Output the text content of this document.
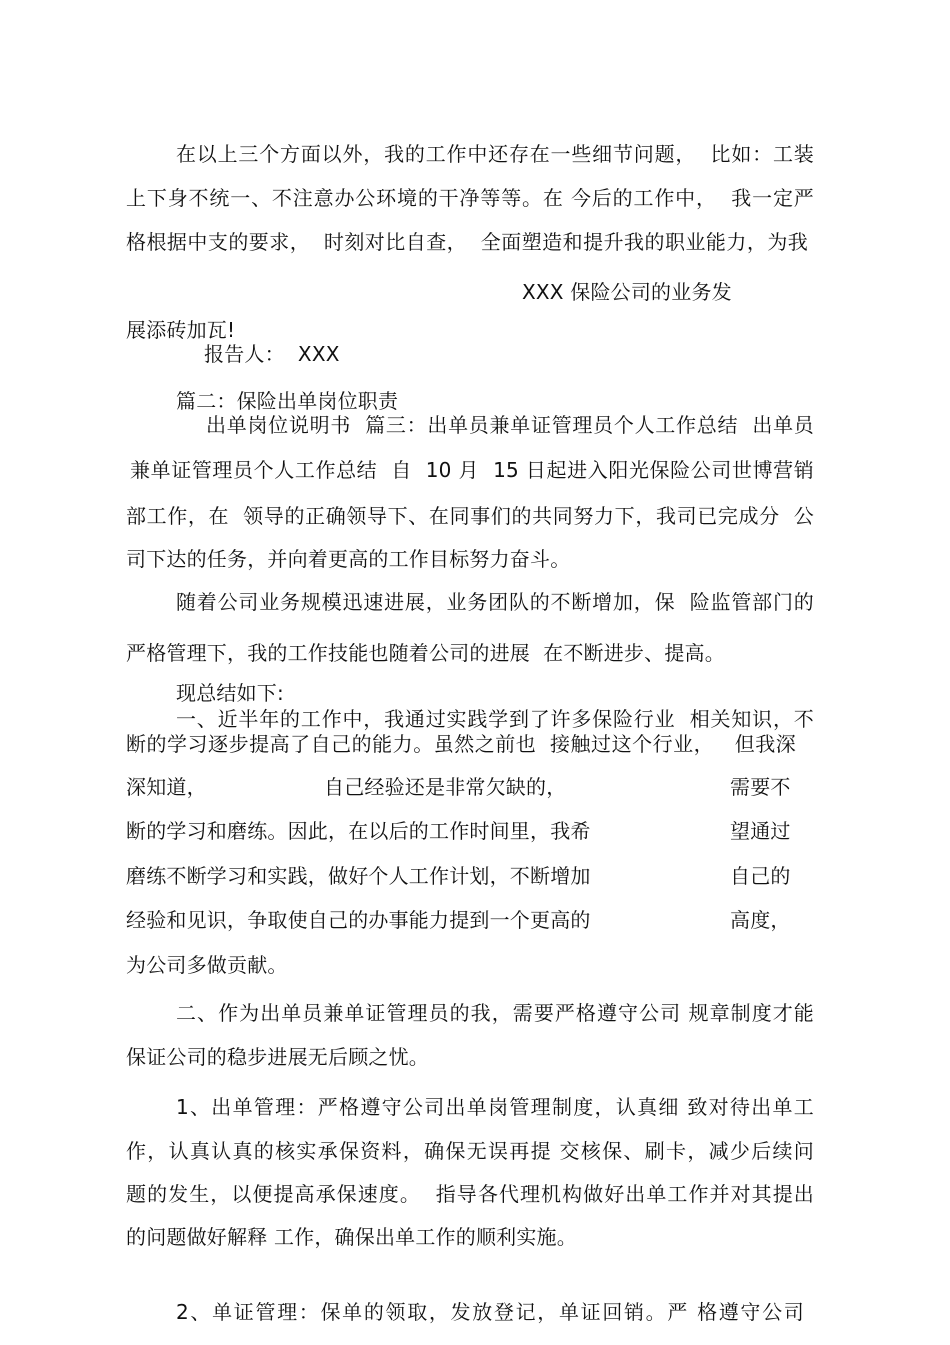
在以上三个方面以外，我的工作中还存在一些细节问题，  比如：工装
上下身不统一、不注意办公环境的干净等等。在 今后的工作中，  我一定严
格根据中支的要求，  时刻对比自查，  全面塑造和提升我的职业能力，为我
XXX 保险公司的业务发
展添砖加瓦!
报告人：  XXX
篇二：保险出单岗位职责
出单岗位说明书  篇三：出单员兼单证管理员个人工作总结  出单员
兼单证管理员个人工作总结  自  10 月  15 日起进入阳光保险公司世博营销
部工作，在  领导的正确领导下、在同事们的共同努力下，我司已完成分  公
司下达的任务，并向着更高的工作目标努力奋斗。
随着公司业务规模迅速进展，业务团队的不断增加，保  险监管部门的
严格管理下，我的工作技能也随着公司的进展  在不断进步、提高。
现总结如下:
一、近半年的工作中，我通过实践学到了许多保险行业  相关知识，不
断的学习逐步提高了自己的能力。虽然之前也  接触过这个行业，   但我深
深知道，	自己经验还是非常欠缺的，	需要不
断的学习和磨练。因此，在以后的工作时间里，我希	望通过
磨练不断学习和实践，做好个人工作计划，不断增加	自己的
经验和见识，争取使自己的办事能力提到一个更高的	高度，
为公司多做贡献。
二、作为出单员兼单证管理员的我，需要严格遵守公司 规章制度才能
保证公司的稳步进展无后顾之忧。
1、出单管理：严格遵守公司出单岗管理制度，认真细 致对待出单工
作，认真认真的核实承保资料，确保无误再提 交核保、刷卡，减少后续问
题的发生，以便提高承保速度。  指导各代理机构做好出单工作并对其提出
的问题做好解释 工作，确保出单工作的顺利实施。
2、单证管理：保单的领取，发放登记，单证回销。严 格遵守公司
